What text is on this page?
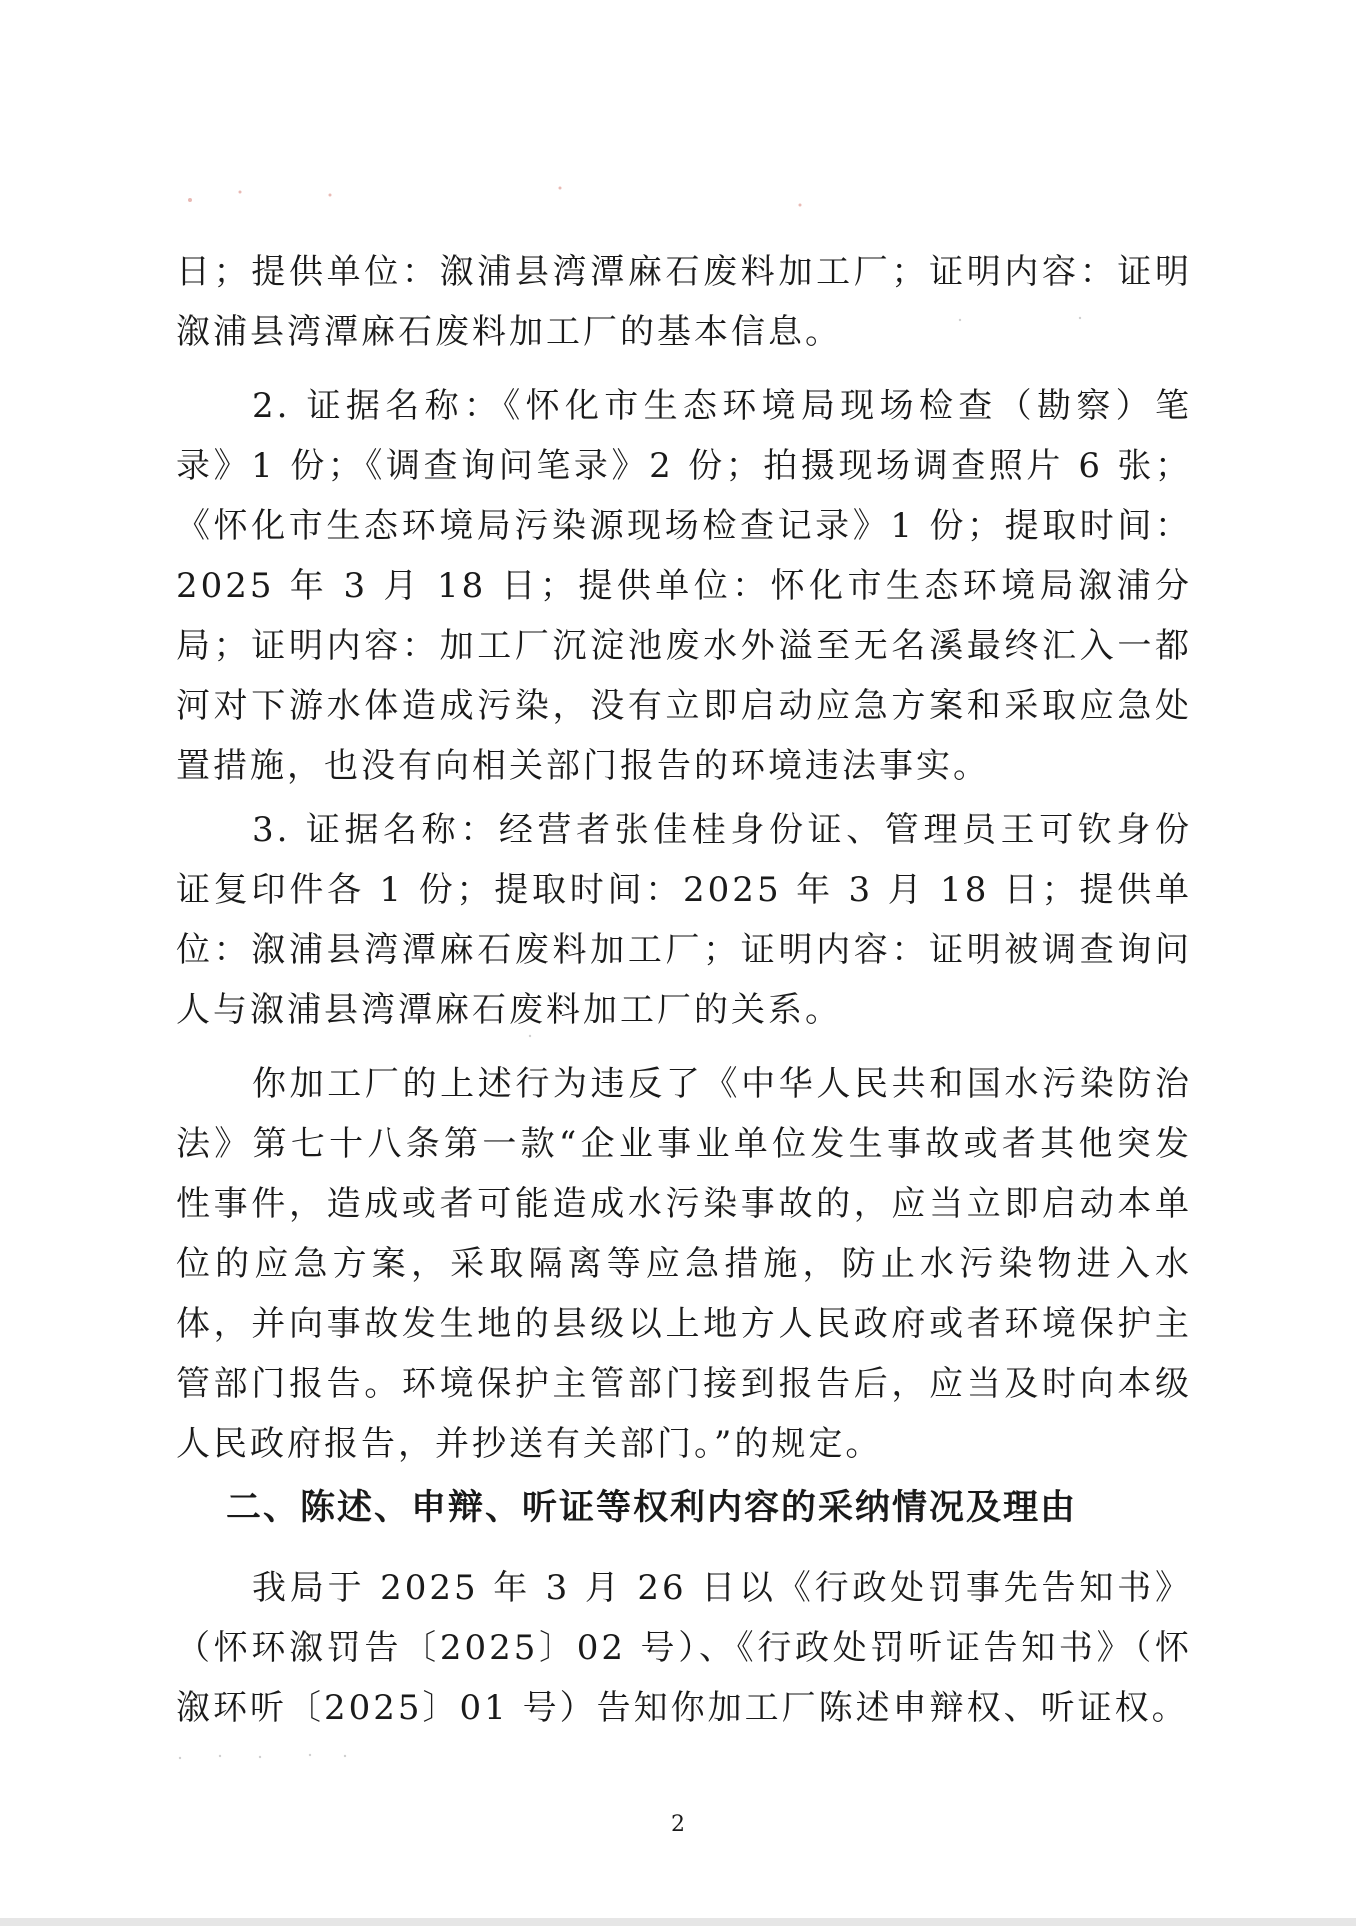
日；提供单位：溆浦县湾潭麻石废料加工厂；证明内容：证明溆浦县湾潭麻石废料加工厂的基本信息。

2. 证据名称：《怀化市生态环境局现场检查（勘察）笔录》1 份；《调查询问笔录》2 份；拍摄现场调查照片 6 张；《怀化市生态环境局污染源现场检查记录》1 份；提取时间：2025 年 3 月 18 日；提供单位：怀化市生态环境局溆浦分局；证明内容：加工厂沉淀池废水外溢至无名溪最终汇入一都河对下游水体造成污染，没有立即启动应急方案和采取应急处置措施，也没有向相关部门报告的环境违法事实。

3. 证据名称：经营者张佳桂身份证、管理员王可钦身份证复印件各 1 份；提取时间：2025 年 3 月 18 日；提供单位：溆浦县湾潭麻石废料加工厂；证明内容：证明被调查询问人与溆浦县湾潭麻石废料加工厂的关系。

你加工厂的上述行为违反了《中华人民共和国水污染防治法》第七十八条第一款“企业事业单位发生事故或者其他突发性事件，造成或者可能造成水污染事故的，应当立即启动本单位的应急方案，采取隔离等应急措施，防止水污染物进入水体，并向事故发生地的县级以上地方人民政府或者环境保护主管部门报告。环境保护主管部门接到报告后，应当及时向本级人民政府报告，并抄送有关部门。”的规定。

二、陈述、申辩、听证等权利内容的采纳情况及理由

我局于 2025 年 3 月 26 日以《行政处罚事先告知书》（怀环溆罚告〔2025〕02 号）、《行政处罚听证告知书》（怀溆环听〔2025〕01 号）告知你加工厂陈述申辩权、听证权。

2
